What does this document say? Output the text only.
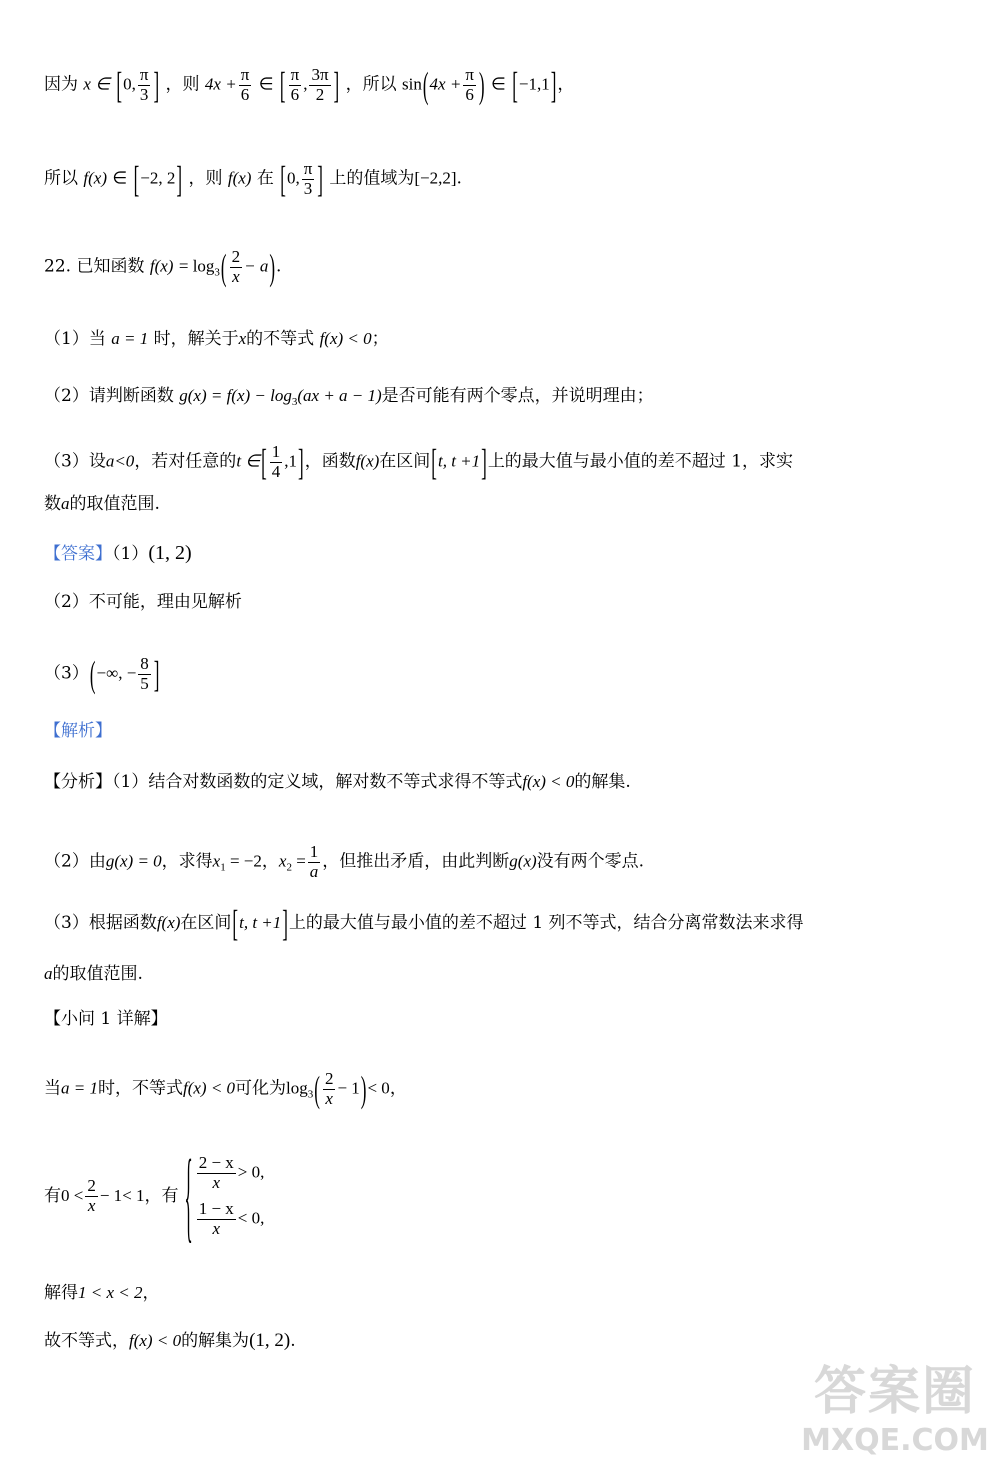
因为 x ∈ [0, $\frac{\pi}{3}$ ] ，则 $4x + \frac{\pi}{6}$ ∈ [ $\frac{\pi}{6}$ , $\frac{3\pi}{2}$ ] ，所以 $\sin(4x + \frac{\pi}{6}$ ) ∈ [−1,1]，
所以 f(x) ∈ [−2, 2] ，则 f(x) 在 [0, $\frac{\pi}{3}$ ] 上的值域为[−2,2].
22. 已知函数 $f(x) = \log_3( \frac{2}{x} - a)$.
（1）当 a = 1 时，解关于x的不等式 f(x) < 0；
（2）请判断函数 $g(x) = f(x) - \log_3(ax + a - 1)$是否可能有两个零点，并说明理由；
（3）设a<0，若对任意的t ∈[ $\frac{1}{4} ,1$]，函数f(x)在区间[t, t +1]上的最大值与最小值的差不超过 1，求实
数a的取值范围.
【答案】（1）(1, 2)
（2）不可能，理由见解析
（3）(−∞, − $\frac{8}{5}$ ]
【解析】
【分析】（1）结合对数函数的定义域，解对数不等式求得不等式f(x) < 0的解集.
（2）由g(x) = 0，求得$x_1 = -2$，$x_2 = \frac{1}{a}$ ，但推出矛盾，由此判断g(x)没有两个零点.
（3）根据函数f(x)在区间[t, t +1]上的最大值与最小值的差不超过 1 列不等式，结合分离常数法来求得
a的取值范围.
【小问 1 详解】
当a = 1时，不等式f(x) < 0可化为$\log_3( \frac{2}{x} - 1)< 0$，
有$0 < \frac{2}{x} - 1< 1$，有 { $\frac{2 - x}{x} > 0$,
$\frac{1 - x}{x} < 0$,
解得1 < x < 2，
故不等式，f(x) < 0的解集为(1, 2).
答案圈
MXQE.COM
